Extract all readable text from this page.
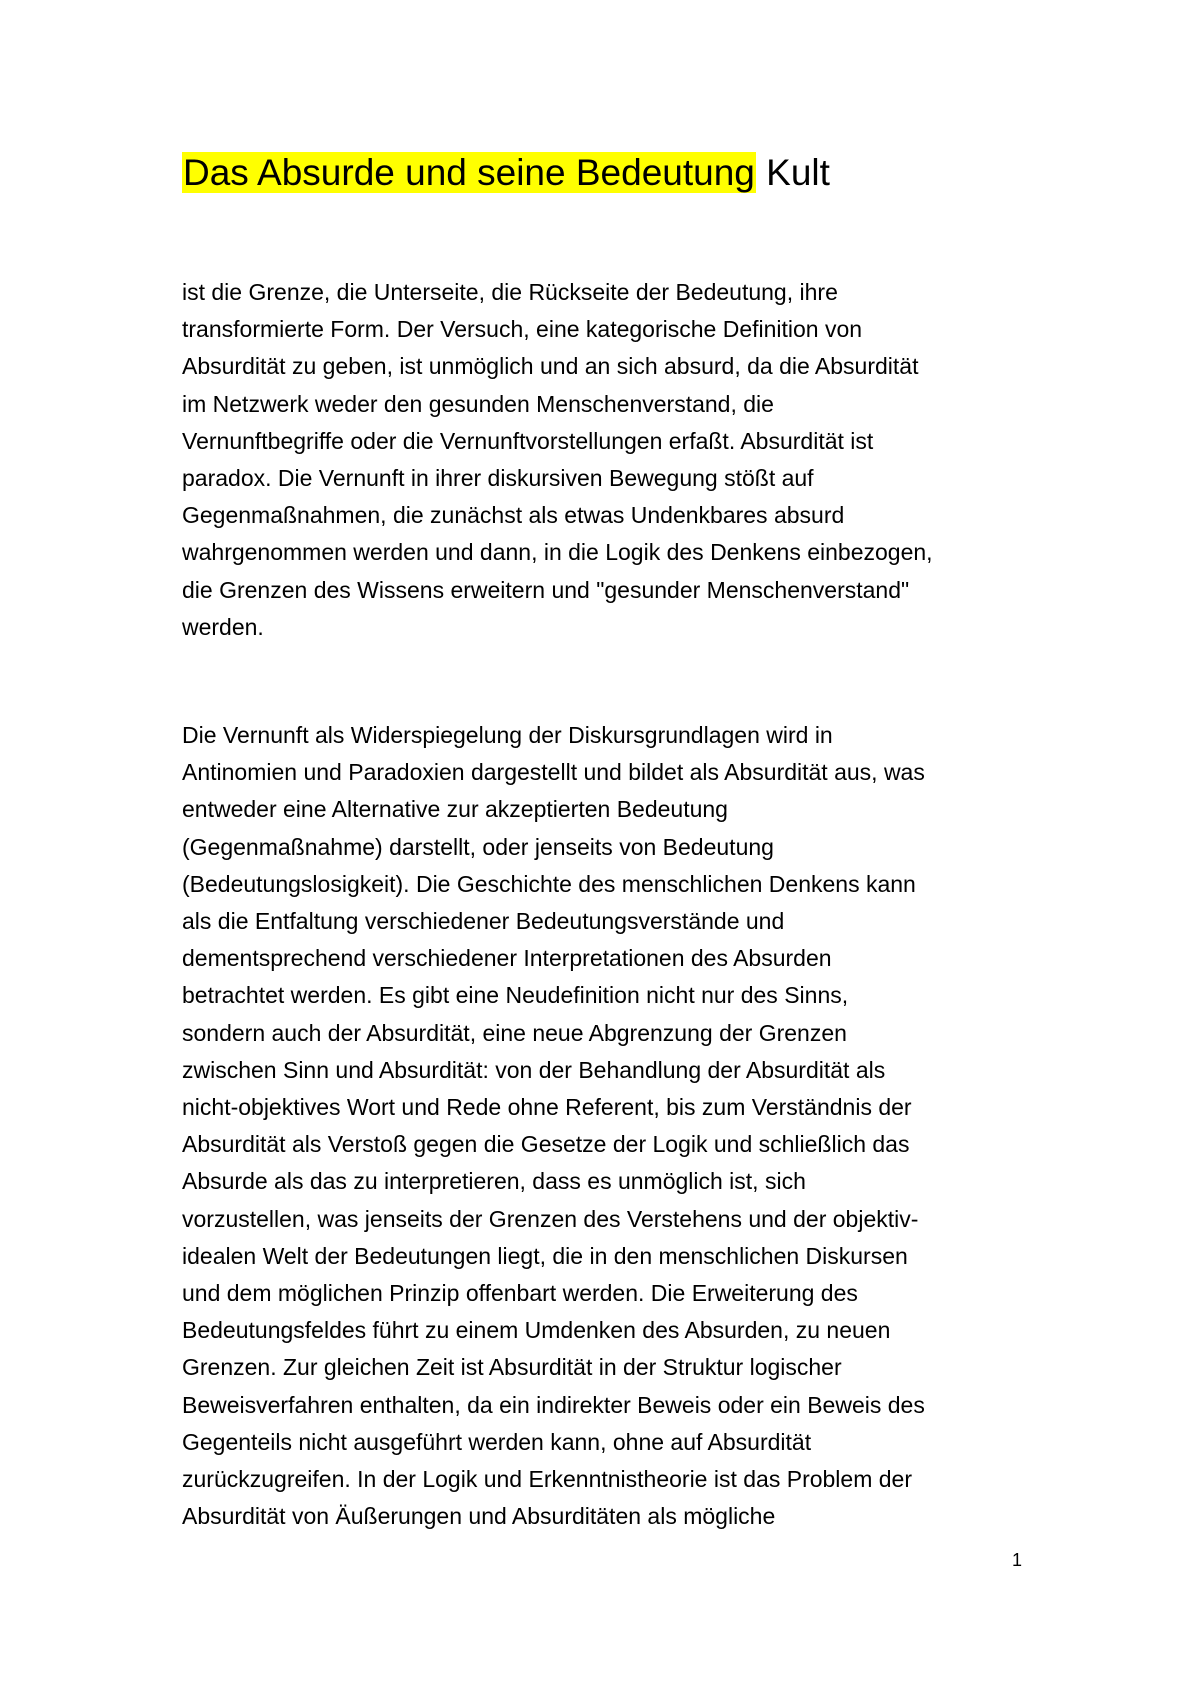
Das Absurde und seine Bedeutung Kult

ist die Grenze, die Unterseite, die Rückseite der Bedeutung, ihre
transformierte Form. Der Versuch, eine kategorische Definition von
Absurdität zu geben, ist unmöglich und an sich absurd, da die Absurdität
im Netzwerk weder den gesunden Menschenverstand, die
Vernunftbegriffe oder die Vernunftvorstellungen erfaßt. Absurdität ist
paradox. Die Vernunft in ihrer diskursiven Bewegung stößt auf
Gegenmaßnahmen, die zunächst als etwas Undenkbares absurd
wahrgenommen werden und dann, in die Logik des Denkens einbezogen,
die Grenzen des Wissens erweitern und "gesunder Menschenverstand"
werden.

Die Vernunft als Widerspiegelung der Diskursgrundlagen wird in
Antinomien und Paradoxien dargestellt und bildet als Absurdität aus, was
entweder eine Alternative zur akzeptierten Bedeutung
(Gegenmaßnahme) darstellt, oder jenseits von Bedeutung
(Bedeutungslosigkeit). Die Geschichte des menschlichen Denkens kann
als die Entfaltung verschiedener Bedeutungsverstände und
dementsprechend verschiedener Interpretationen des Absurden
betrachtet werden. Es gibt eine Neudefinition nicht nur des Sinns,
sondern auch der Absurdität, eine neue Abgrenzung der Grenzen
zwischen Sinn und Absurdität: von der Behandlung der Absurdität als
nicht-objektives Wort und Rede ohne Referent, bis zum Verständnis der
Absurdität als Verstoß gegen die Gesetze der Logik und schließlich das
Absurde als das zu interpretieren, dass es unmöglich ist, sich
vorzustellen, was jenseits der Grenzen des Verstehens und der objektiv-
idealen Welt der Bedeutungen liegt, die in den menschlichen Diskursen
und dem möglichen Prinzip offenbart werden. Die Erweiterung des
Bedeutungsfeldes führt zu einem Umdenken des Absurden, zu neuen
Grenzen. Zur gleichen Zeit ist Absurdität in der Struktur logischer
Beweisverfahren enthalten, da ein indirekter Beweis oder ein Beweis des
Gegenteils nicht ausgeführt werden kann, ohne auf Absurdität
zurückzugreifen. In der Logik und Erkenntnistheorie ist das Problem der
Absurdität von Äußerungen und Absurditäten als mögliche

1
